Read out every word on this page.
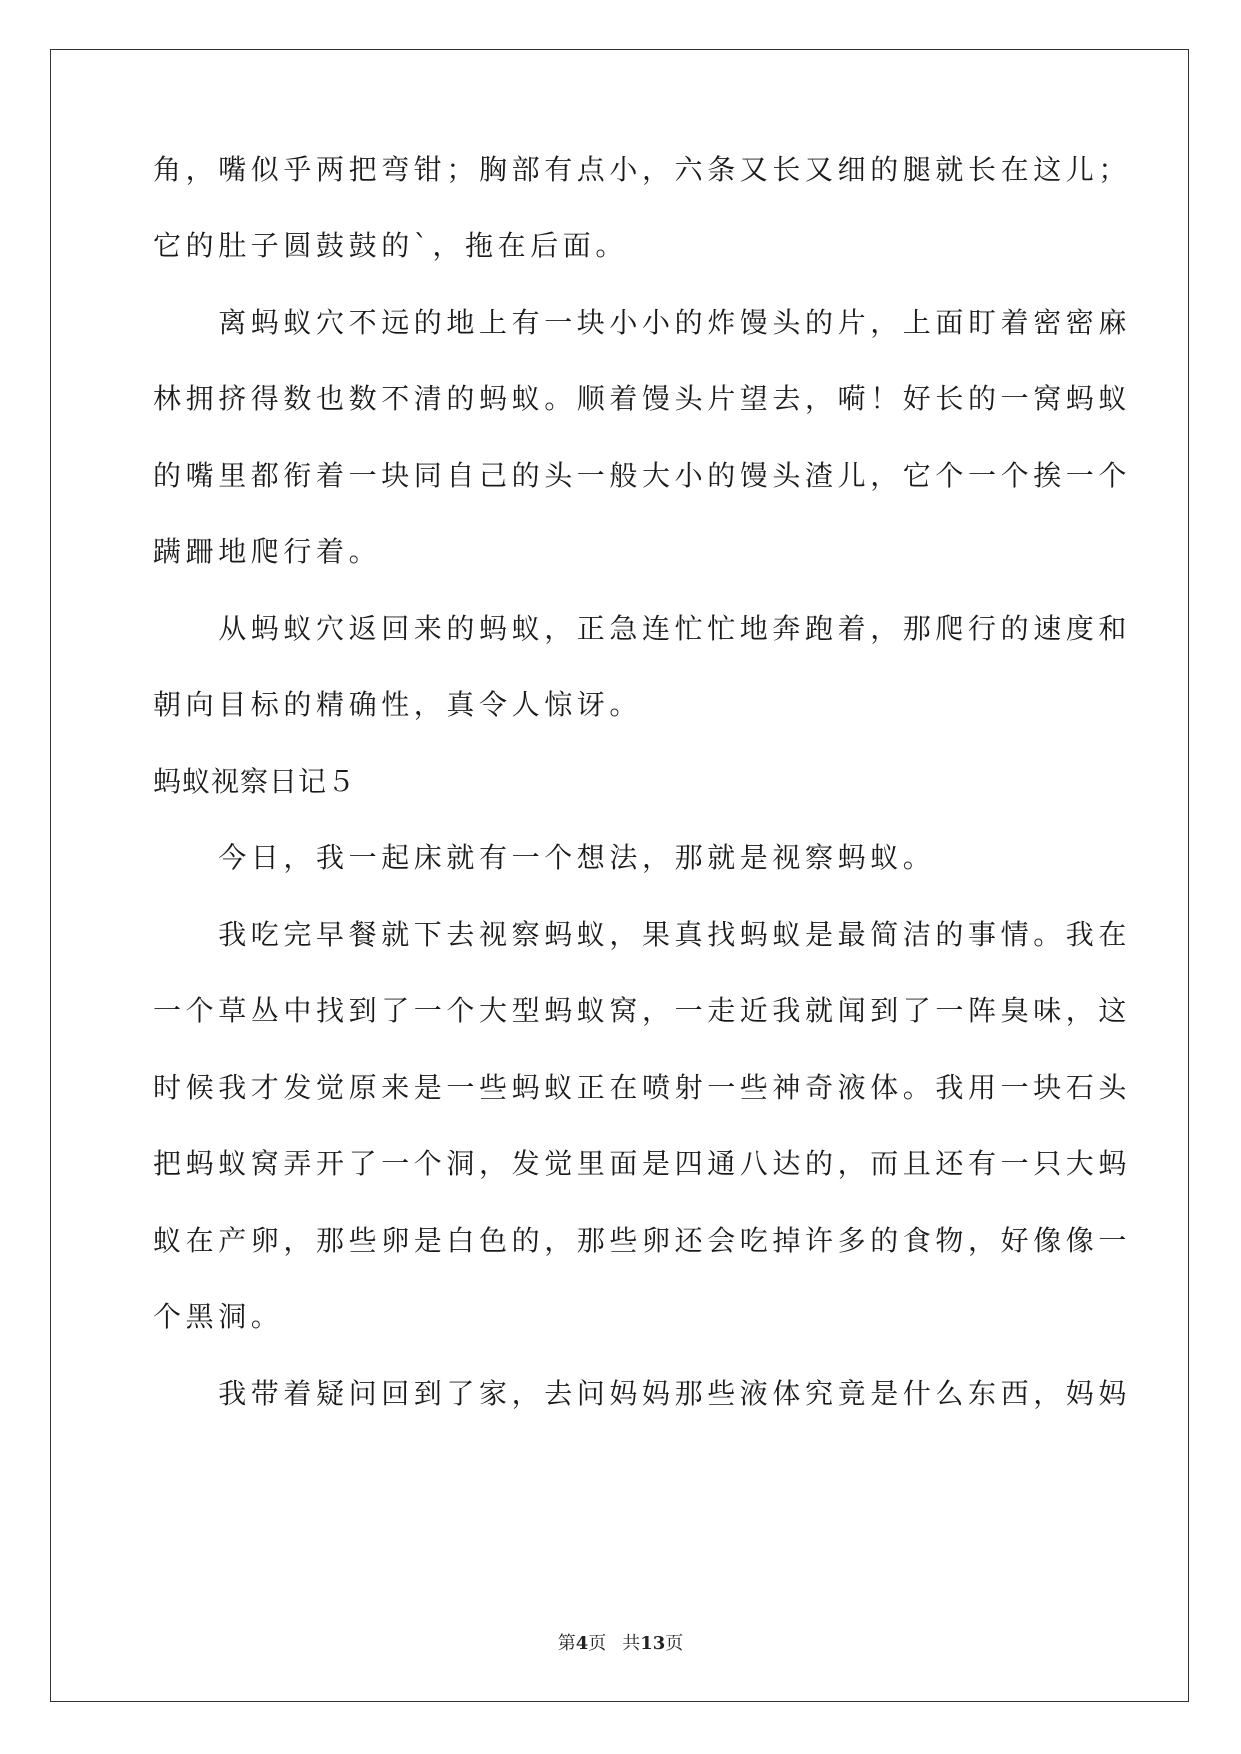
角，嘴似乎两把弯钳；胸部有点小，六条又长又细的腿就长在这儿；
它的肚子圆鼓鼓的`，拖在后面。
　　离蚂蚁穴不远的地上有一块小小的炸馒头的片，上面盯着密密麻
林拥挤得数也数不清的蚂蚁。顺着馒头片望去，嗬！好长的一窝蚂蚁
的嘴里都衔着一块同自己的头一般大小的馒头渣儿，它个一个挨一个
蹒跚地爬行着。
　　从蚂蚁穴返回来的蚂蚁，正急连忙忙地奔跑着，那爬行的速度和
朝向目标的精确性，真令人惊讶。
蚂蚁视察日记５
　　今日，我一起床就有一个想法，那就是视察蚂蚁。
　　我吃完早餐就下去视察蚂蚁，果真找蚂蚁是最简洁的事情。我在
一个草丛中找到了一个大型蚂蚁窝，一走近我就闻到了一阵臭味，这
时候我才发觉原来是一些蚂蚁正在喷射一些神奇液体。我用一块石头
把蚂蚁窝弄开了一个洞，发觉里面是四通八达的，而且还有一只大蚂
蚁在产卵，那些卵是白色的，那些卵还会吃掉许多的食物，好像像一
个黑洞。
　　我带着疑问回到了家，去问妈妈那些液体究竟是什么东西，妈妈
第4页 共13页
